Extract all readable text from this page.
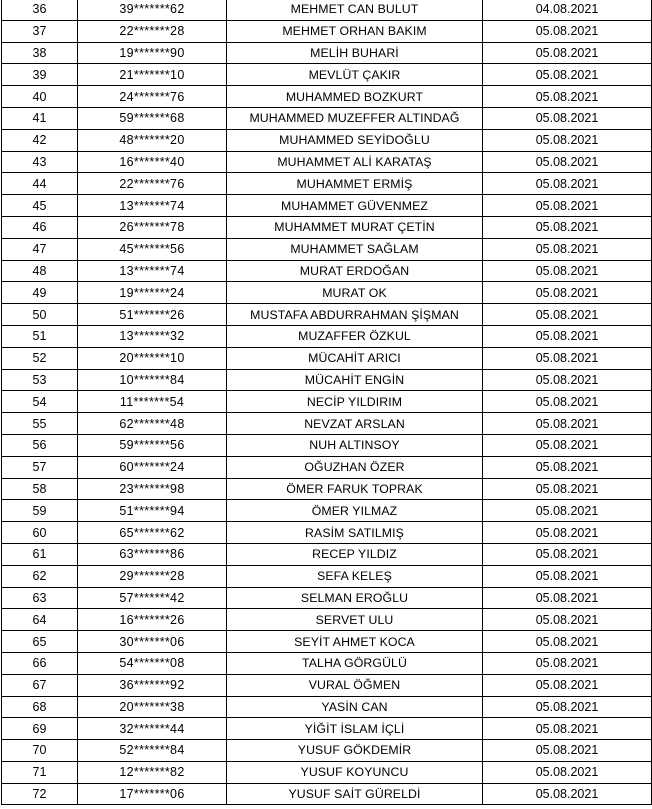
36	39*******62	MEHMET CAN BULUT	04.08.2021
37	22*******28	MEHMET ORHAN BAKIM	05.08.2021
38	19*******90	MELİH BUHARİ	05.08.2021
39	21*******10	MEVLÜT ÇAKIR	05.08.2021
40	24*******76	MUHAMMED BOZKURT	05.08.2021
41	59*******68	MUHAMMED MUZEFFER ALTINDAĞ	05.08.2021
42	48*******20	MUHAMMED SEYİDOĞLU	05.08.2021
43	16*******40	MUHAMMET ALİ KARATAŞ	05.08.2021
44	22*******76	MUHAMMET ERMİŞ	05.08.2021
45	13*******74	MUHAMMET GÜVENMEZ	05.08.2021
46	26*******78	MUHAMMET MURAT ÇETİN	05.08.2021
47	45*******56	MUHAMMET SAĞLAM	05.08.2021
48	13*******74	MURAT ERDOĞAN	05.08.2021
49	19*******24	MURAT OK	05.08.2021
50	51*******26	MUSTAFA ABDURRAHMAN ŞİŞMAN	05.08.2021
51	13*******32	MUZAFFER ÖZKUL	05.08.2021
52	20*******10	MÜCAHİT ARICI	05.08.2021
53	10*******84	MÜCAHİT ENGİN	05.08.2021
54	11*******54	NECİP YILDIRIM	05.08.2021
55	62*******48	NEVZAT ARSLAN	05.08.2021
56	59*******56	NUH ALTINSOY	05.08.2021
57	60*******24	OĞUZHAN ÖZER	05.08.2021
58	23*******98	ÖMER FARUK TOPRAK	05.08.2021
59	51*******94	ÖMER YILMAZ	05.08.2021
60	65*******62	RASİM SATILMIŞ	05.08.2021
61	63*******86	RECEP YILDIZ	05.08.2021
62	29*******28	SEFA KELEŞ	05.08.2021
63	57*******42	SELMAN EROĞLU	05.08.2021
64	16*******26	SERVET ULU	05.08.2021
65	30*******06	SEYİT AHMET KOCA	05.08.2021
66	54*******08	TALHA GÖRGÜLÜ	05.08.2021
67	36*******92	VURAL ÖĞMEN	05.08.2021
68	20*******38	YASİN CAN	05.08.2021
69	32*******44	YİĞİT İSLAM İÇLİ	05.08.2021
70	52*******84	YUSUF GÖKDEMİR	05.08.2021
71	12*******82	YUSUF KOYUNCU	05.08.2021
72	17*******06	YUSUF SAİT GÜRELDİ	05.08.2021
